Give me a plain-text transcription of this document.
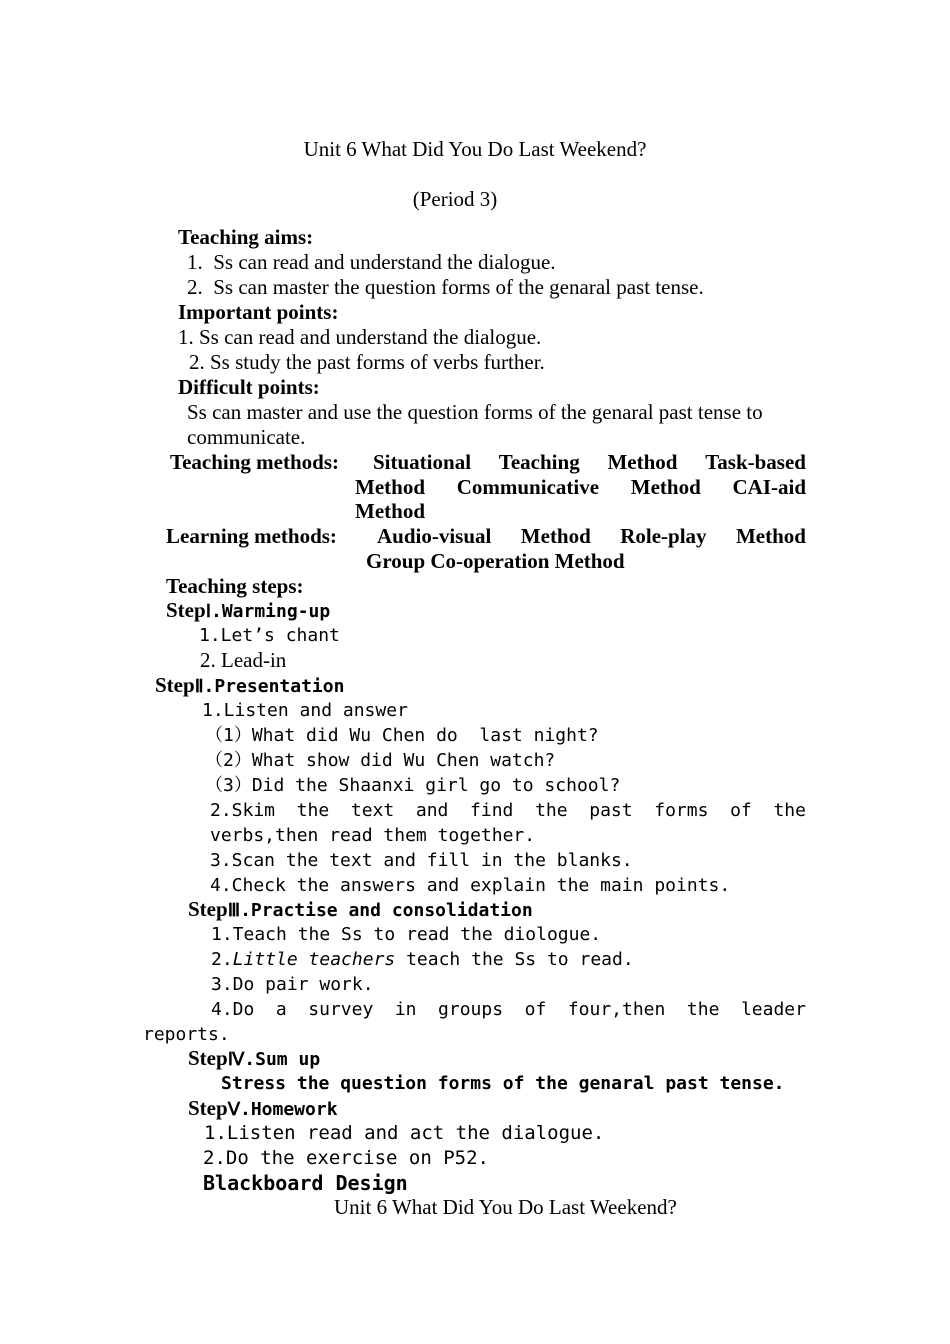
Unit 6 What Did You Do Last Weekend?
(Period 3)
Teaching aims:
1.  Ss can read and understand the dialogue.
2.  Ss can master the question forms of the genaral past tense.
Important points:
1. Ss can read and understand the dialogue.
2. Ss study the past forms of verbs further.
Difficult points:
Ss can master and use the question forms of the genaral past tense to
communicate.
Teaching methods: Situational Teaching Method Task-based
Method Communicative Method CAI-aid
Method
Learning methods: Audio-visual Method Role-play Method
Group Co-operation Method
Teaching steps:
StepⅠ.Warming-up
1.Let’s chant
2. Lead-in
StepⅡ.Presentation
1.Listen and answer
（1）What did Wu Chen do  last night?
（2）What show did Wu Chen watch?
（3）Did the Shaanxi girl go to school?
2.Skim the text and find the past forms of the
verbs,then read them together.
3.Scan the text and fill in the blanks.
4.Check the answers and explain the main points.
StepⅢ.Practise and consolidation
1.Teach the Ss to read the diologue.
2.Little teachers teach the Ss to read.
3.Do pair work.
4.Do a survey in groups of four,then the leader
reports.
StepⅣ.Sum up
Stress the question forms of the genaral past tense.
StepⅤ.Homework
1.Listen read and act the dialogue.
2.Do the exercise on P52.
Blackboard Design
Unit 6 What Did You Do Last Weekend?
